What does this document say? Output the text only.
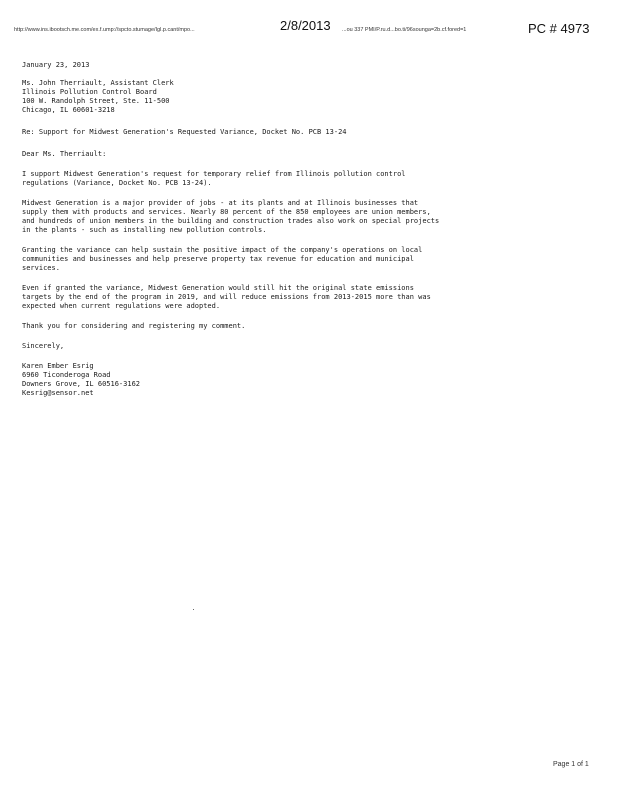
http://www.ins.ibootsch.me.com/ex.f.ump://spcto.stumage/Igl.p.cant/mpo...	2/8/2013 ...ou 337 PMI/P.ru.d...bo.ti/96sounga=2b.cf.fored=1	PC # 4973
January 23, 2013
Ms. John Therriault, Assistant Clerk
Illinois Pollution Control Board
100 W. Randolph Street, Ste. 11-500
Chicago, IL 60601-3218
Re: Support for Midwest Generation's Requested Variance, Docket No. PCB 13-24
Dear Ms. Therriault:
I support Midwest Generation's request for temporary relief from Illinois pollution control
regulations (Variance, Docket No. PCB 13-24).
Midwest Generation is a major provider of jobs - at its plants and at Illinois businesses that
supply them with products and services. Nearly 80 percent of the 850 employees are union members,
and hundreds of union members in the building and construction trades also work on special projects
in the plants - such as installing new pollution controls.
Granting the variance can help sustain the positive impact of the company's operations on local
communities and businesses and help preserve property tax revenue for education and municipal
services.
Even if granted the variance, Midwest Generation would still hit the original state emissions
targets by the end of the program in 2019, and will reduce emissions from 2013-2015 more than was
expected when current regulations were adopted.
Thank you for considering and registering my comment.
Sincerely,
Karen Ember Esrig
6960 Ticonderoga Road
Downers Grove, IL 60516-3162
Kesrig@sensor.net
Page 1 of 1
